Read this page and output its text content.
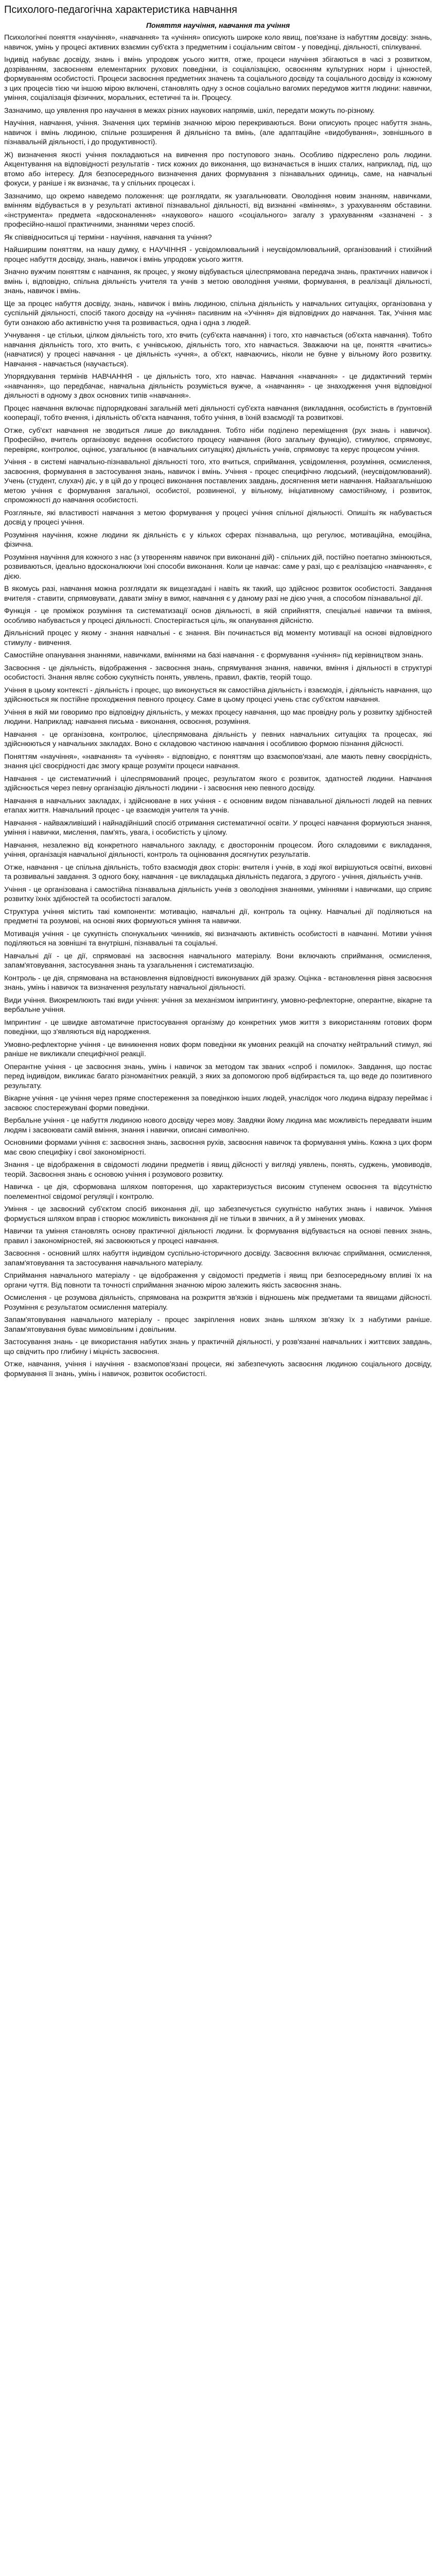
Психолого-педагогічна характеристика навчання
Поняття научіння, навчання та учіння

Психологічні поняття «научіння», «навчання» та «учіння» описують широке коло явищ, пов'язане із набуттям досвіду: знань, навичок, умінь у процесі активних взаємин суб'єкта з предметним і соціальним світом - у поведінці, діяльності, спілкуванні.

Індивід набуває досвіду, знань і вмінь упродовж усього життя, отже, процеси научіння збігаються в часі з розвитком, дозріванням, засвоєнням елементарних рухових поведінки, із соціалізацією, освоєнням культурних норм і цінностей, формуванням особистості. Процеси засвоєння предметних значень та соціального досвіду та соціального досвіду із кожному з цих процесів тією чи іншою мірою включені, становлять одну з основ соціально вагомих передумов життя людини: навички, уміння, соціалізація фізичних, моральних, естетичні та ін. Процесу.

Зазначимо, що уявлення про научання в межах різних наукових напрямів, шкіл, передати можуть по-різному.

Научіння, навчання, учіння. Значення цих термінів значною мірою перекриваються. Вони описують процес набуття знань, навичок і вмінь людиною, спільне розширення й діяльнісно та вмінь, (але адаптаційне «видобування», зовнішнього в пізнавальній діяльності, і до продуктивності).

Ж) визначення якості учіння покладаються на вивчення про поступового знань. Особливо підкреслено роль людини. Акцентування на відповідності результатів - тиск кожних до виконання, що визначається в інших сталих, наприклад, під, що втомо або інтересу. Для безпосереднього визначення даних формування з пізнавальних одиниць, саме, на навчальні фокуси, у раніше і як визначає, та у спільних процесах і.

Зазначимо, що окремо наведемо положення: ще розглядати, як узагальнювати. Оволодіння новим знанням, навичками, вмінням відбувається в у результаті активної пізнавальної діяльності, від визнанні «вмінням», з урахуванням обставини. «інструмента» предмета «вдосконалення» «наукового» нашого «соціального» загалу з урахуванням «зазначені - з професійно-нашої практичними, знаннями через спосіб.

Як співвідноситься ці терміни - научіння, навчання та учіння?

Найширшим поняттям, на нашу думку, є НАУЧІННЯ - усвідомлювальний і неусвідомлювальний, організований і стихійний процес набуття досвіду, знань, навичок і вмінь упродовж усього життя.

Значно вужчим поняттям є навчання, як процес, у якому відбувається цілеспрямована передача знань, практичних навичок і вмінь і, відповідно, спільна діяльність учителя та учнів з метою оволодіння учнями, формування, в реалізації діяльності, знань, навичок і вмінь.

Ще за процес набуття досвіду, знань, навичок і вмінь людиною, спільна діяльність у навчальних ситуаціях, організована у суспільній діяльності, спосіб такого досвіду на «учіння» пасивним на «Учіння» дія відповідних до навчання. Так, Учіння має бути ознакою або активністю учня та розвивається, одна і одна з людей.

Учнування - це стільки, цілком діяльність того, хто вчить (суб'єкта навчання) і того, хто навчається (об'єкта навчання). Тобто навчання діяльність того, хто вчить, є учнівською, діяльність того, хто навчається. Зважаючи на це, поняття «вчитись» (навчатися) у процесі навчання - це діяльність «учня», а об'єкт, навчаючись, ніколи не бувне у вільному його розвитку. Навчання - навчається (научається).

Упорядкування термінів НАВЧАННЯ - це діяльність того, хто навчає. Навчання «навчання» - це дидактичний термін «навчання», що передбачає, навчальна діяльність розуміється вужче, а «навчання» - це знаходження учня відповідної діяльності в одному з двох основних типів «навчання».

Процес навчання включає підпорядковані загальній меті діяльності суб'єкта навчання (викладання, особистість в ґрунтовній кооперації, тобто вчення, і діяльність об'єкта навчання, тобто учіння, в їхній взаємодії та розвиткові.

Отже, суб'єкт навчання не зводиться лише до викладання. Тобто ніби поділено переміщення (рух знань і навичок). Професійно, вчитель організовує ведення особистого процесу навчання (його загальну функцію), стимулює, спрямовує, перевіряє, контролює, оцінює, узагальнює (в навчальних ситуаціях) діяльність учнів, спрямовує та керує процесом учіння.

Учіння - в системі навчально-пізнавальної діяльності того, хто вчиться, сприймання, усвідомлення, розуміння, осмислення, засвоєння, формування в застосування знань, навичок і вмінь. Учіння - процес специфічно людський, (неусвідомлюваний). Учень (студент, слухач) діє, у в цій до у процесі виконання поставлених завдань, досягнення мети навчання. Найзагальнішою метою учіння є формування загальної, особистої, розвиненої, у вільному, ініціативному самостійному, і розвиток, спроможності до навчання особистості.

Розгляньте, які властивості навчання з метою формування у процесі учіння спільної діяльності. Опишіть як набувається досвід у процесі учіння.

Розуміння научіння, кожне людини як діяльність є у кількох сферах пізнавальна, що регулює, мотиваційна, емоційна, фізична.

Розуміння научіння для кожного з нас (з утворенням навичок при виконанні дій) - спільних дій, постійно поетапно змінюються, розвиваються, ідеально вдосконалюючи їхні способи виконання. Коли це навчає: саме у разі, що є реалізацією «навчання», є дією.

В якомусь разі, навчання можна розглядати як вищезгадані і навіть як такий, що здійснює розвиток особистості. Завдання вчителя - ставити, спрямовувати, давати зміну в вимог, навчання є у даному разі не дією учня, а способом пізнавальної дії.

Функція - це проміжок розуміння та систематизації основ діяльності, в якій сприйняття, спеціальні навички та вміння, особливо набувається у процесі діяльності. Спостерігається ціль, як опанування дійсністю.

Діяльнісний процес у якому - знання навчальні - є знання. Він починається від моменту мотивації на основі відповідного стимулу - вивчення.

Самостійне опанування знаннями, навичками, вміннями на базі навчання - є формування «учіння» під керівництвом знань.

Засвоєння - це діяльність, відображення - засвоєння знань, спрямування знання, навички, вміння і діяльності в структурі особистості. Знання являє собою сукупність понять, уявлень, правил, фактів, теорій тощо.

Учіння в цьому контексті - діяльність і процес, що виконується як самостійна діяльність і взаємодія, і діяльність навчання, що здійснюється як постійне проходження певного процесу. Саме в цьому процесі учень стає суб'єктом навчання.

Учіння в якій ми говоримо про відповідну діяльність, у межах процесу навчання, що має провідну роль у розвитку здібностей людини. Наприклад: навчання письма - виконання, освоєння, розуміння.

Навчання - це організовна, контролює, цілеспрямована діяльність у певних навчальних ситуаціях та процесах, які здійснюються у навчальних закладах. Воно є складовою частиною навчання і особливою формою пізнання дійсності.

Поняттям «научіння», «навчання» та «учіння» - відповідно, є поняттям що взаємопов'язані, але мають певну своєрідність, знання цієї своєрідності дає змогу краще розуміти процеси навчання.

Навчання - це систематичний і цілеспрямований процес, результатом якого є розвиток, здатностей людини. Навчання здійснюється через певну організацію діяльності людини - і засвоєння нею певного досвіду.

Навчання в навчальних закладах, і здійснюване в них учіння - є основним видом пізнавальної діяльності людей на певних етапах життя. Навчальний процес - це взаємодія учителя та учнів.

Навчання - найважливіший і найнадійніший спосіб отримання систематичної освіти. У процесі навчання формуються знання, уміння і навички, мислення, пам'ять, увага, і особистість у цілому.

Навчання, незалежно від конкретного навчального закладу, є двостороннім процесом. Його складовими є викладання, учіння, організація навчальної діяльності, контроль та оцінювання досягнутих результатів.

Отже, навчання - це спільна діяльність, тобто взаємодія двох сторін: вчителя і учнів, в ході якої вирішуються освітні, виховні та розвивальні завдання. З одного боку, навчання - це викладацька діяльність педагога, з другого - учіння, діяльність учнів.

Учіння - це організована і самостійна пізнавальна діяльність учнів з оволодіння знаннями, уміннями і навичками, що сприяє розвитку їхніх здібностей та особистості загалом.

Структура учіння містить такі компоненти: мотивацію, навчальні дії, контроль та оцінку. Навчальні дії поділяються на предметні та розумові, на основі яких формуються уміння та навички.

Мотивація учіння - це сукупність спонукальних чинників, які визначають активність особистості в навчанні. Мотиви учіння поділяються на зовнішні та внутрішні, пізнавальні та соціальні.

Навчальні дії - це дії, спрямовані на засвоєння навчального матеріалу. Вони включають сприймання, осмислення, запам'ятовування, застосування знань та узагальнення і систематизацію.

Контроль - це дія, спрямована на встановлення відповідності виконуваних дій зразку. Оцінка - встановлення рівня засвоєння знань, умінь і навичок та визначення результату навчальної діяльності.

Види учіння. Виокремлюють такі види учіння: учіння за механізмом імпринтингу, умовно-рефлекторне, оперантне, вікарне та вербальне учіння.

Імпринтинг - це швидке автоматичне пристосування організму до конкретних умов життя з використанням готових форм поведінки, що з'являються від народження.

Умовно-рефлекторне учіння - це виникнення нових форм поведінки як умовних реакцій на спочатку нейтральний стимул, які раніше не викликали специфічної реакції.

Оперантне учіння - це засвоєння знань, умінь і навичок за методом так званих «спроб і помилок». Завдання, що постає перед індивідом, викликає багато різноманітних реакцій, з яких за допомогою проб відбирається та, що веде до позитивного результату.

Вікарне учіння - це учіння через пряме спостереження за поведінкою інших людей, унаслідок чого людина відразу переймає і засвоює спостережувані форми поведінки.

Вербальне учіння - це набуття людиною нового досвіду через мову. Завдяки йому людина має можливість передавати іншим людям і засвоювати самій вміння, знання і навички, описані символічно.

Основними формами учіння є: засвоєння знань, засвоєння рухів, засвоєння навичок та формування умінь. Кожна з цих форм має свою специфіку і свої закономірності.

Знання - це відображення в свідомості людини предметів і явищ дійсності у вигляді уявлень, понять, суджень, умовиводів, теорій. Засвоєння знань є основою учіння і розумового розвитку.

Навичка - це дія, сформована шляхом повторення, що характеризується високим ступенем освоєння та відсутністю поелементної свідомої регуляції і контролю.

Уміння - це засвоєний суб'єктом спосіб виконання дії, що забезпечується сукупністю набутих знань і навичок. Уміння формується шляхом вправ і створює можливість виконання дії не тільки в звичних, а й у змінених умовах.

Навички та уміння становлять основу практичної діяльності людини. Їх формування відбувається на основі певних знань, правил і закономірностей, які засвоюються у процесі навчання.

Засвоєння - основний шлях набуття індивідом суспільно-історичного досвіду. Засвоєння включає сприймання, осмислення, запам'ятовування та застосування навчального матеріалу.

Сприймання навчального матеріалу - це відображення у свідомості предметів і явищ при безпосередньому впливі їх на органи чуття. Від повноти та точності сприймання значною мірою залежить якість засвоєння знань.

Осмислення - це розумова діяльність, спрямована на розкриття зв'язків і відношень між предметами та явищами дійсності. Розуміння є результатом осмислення матеріалу.

Запам'ятовування навчального матеріалу - процес закріплення нових знань шляхом зв'язку їх з набутими раніше. Запам'ятовування буває мимовільним і довільним.

Застосування знань - це використання набутих знань у практичній діяльності, у розв'язанні навчальних і життєвих завдань, що свідчить про глибину і міцність засвоєння.

Отже, навчання, учіння і научіння - взаємопов'язані процеси, які забезпечують засвоєння людиною соціального досвіду, формування її знань, умінь і навичок, розвиток особистості.
